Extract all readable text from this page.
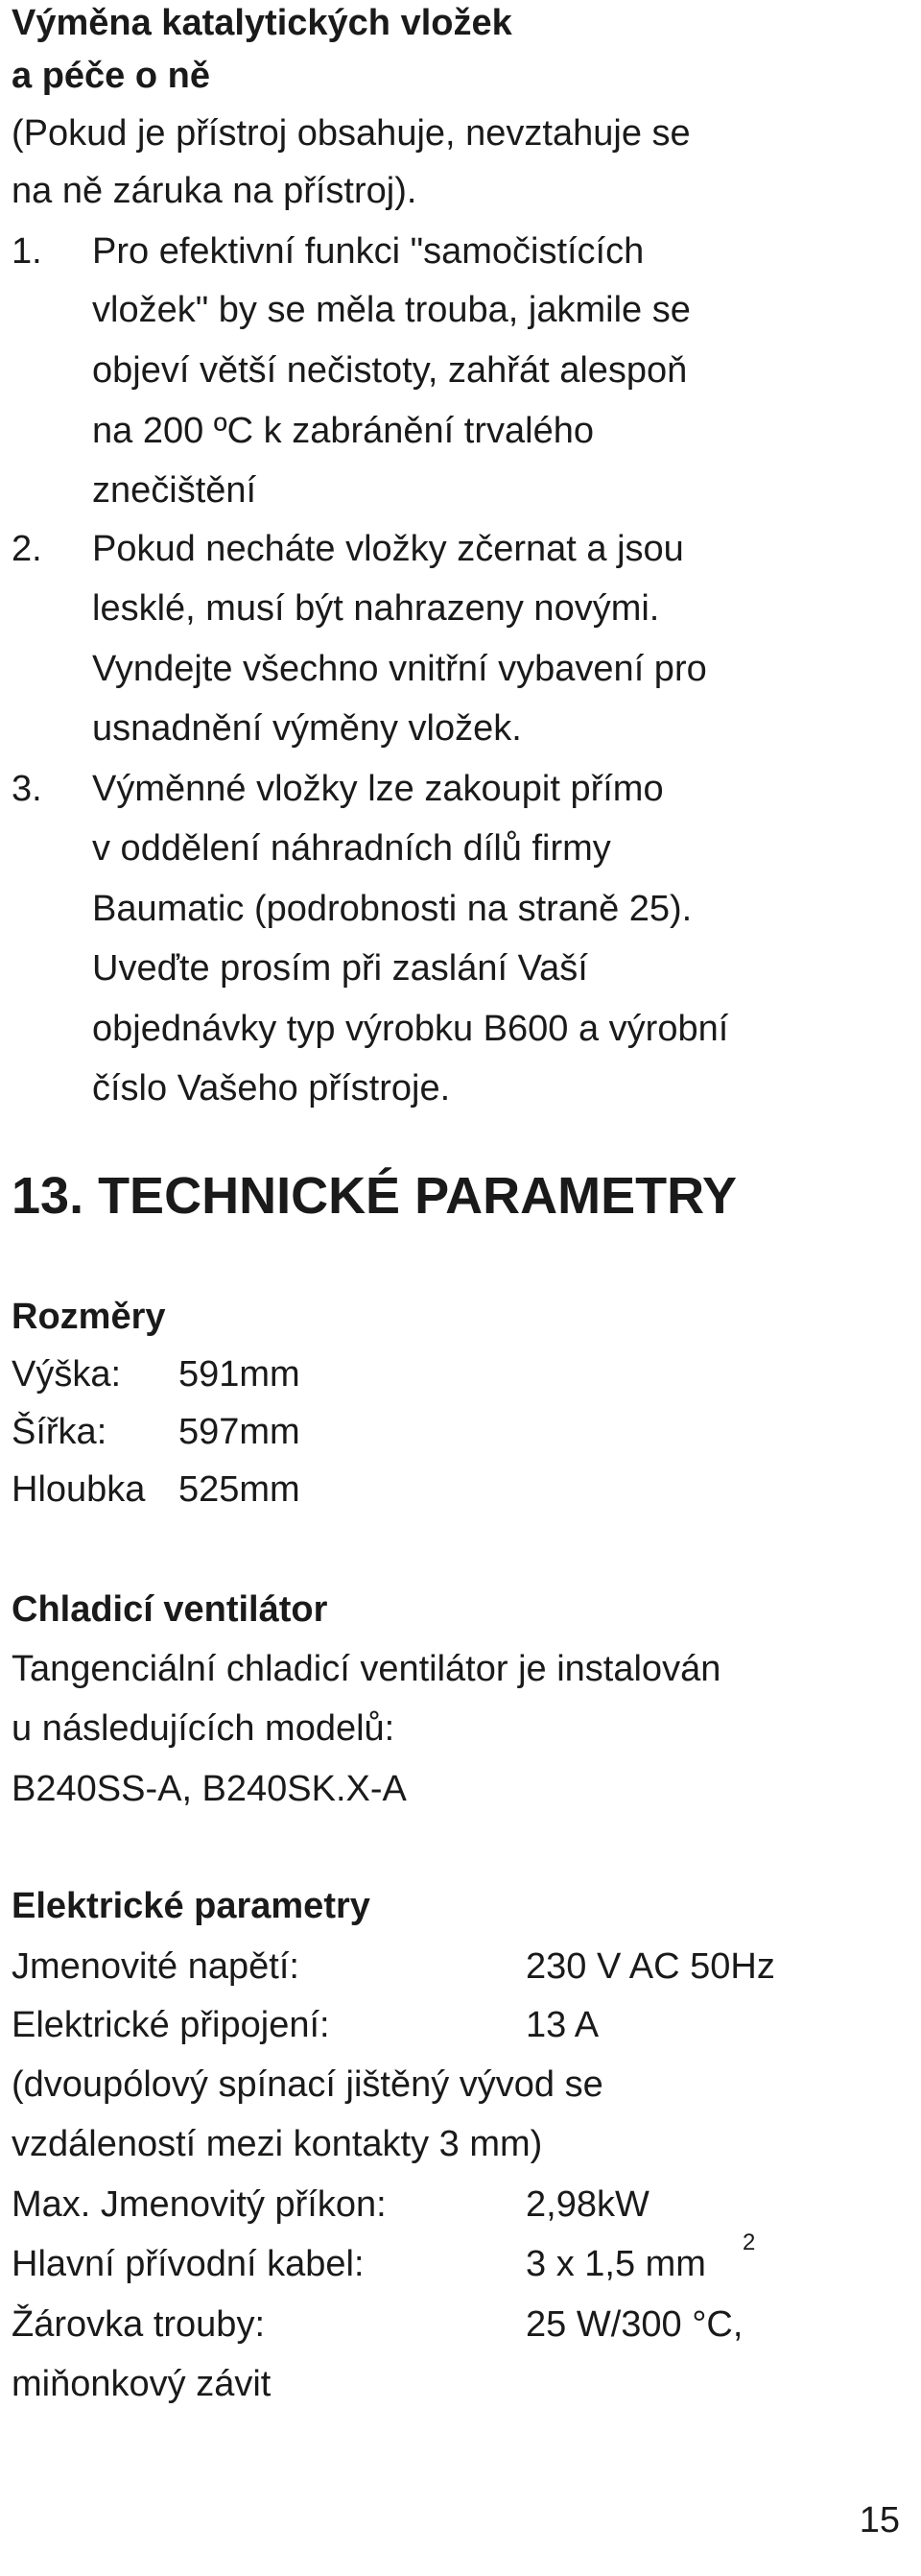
Výměna katalytických vložek
a péče o ně
(Pokud je přístroj obsahuje, nevztahuje se
na ně záruka na přístroj).
1. Pro efektivní funkci "samočistících
vložek" by se měla trouba, jakmile se
objeví větší nečistoty, zahřát alespoň
na 200 ºC k zabránění trvalého
znečištění
2. Pokud necháte vložky zčernat a jsou
lesklé, musí být nahrazeny novými.
Vyndejte všechno vnitřní vybavení pro
usnadnění výměny vložek.
3. Výměnné vložky lze zakoupit přímo
v oddělení náhradních dílů firmy
Baumatic (podrobnosti na straně 25).
Uveďte prosím při zaslání Vaší
objednávky typ výrobku B600 a výrobní
číslo Vašeho přístroje.
13. TECHNICKÉ PARAMETRY
Rozměry
Výška: 591mm
Šířka: 597mm
Hloubka 525mm
Chladicí ventilátor
Tangenciální chladicí ventilátor je instalován
u následujících modelů:
B240SS-A, B240SK.X-A
Elektrické parametry
Jmenovité napětí:	230 V AC 50Hz
Elektrické připojení:	13 A
(dvoupólový spínací jištěný vývod se
vzdáleností mezi kontakty 3 mm)
Max. Jmenovitý příkon:	2,98kW
Hlavní přívodní kabel:	3 x 1,5 mm
2
Žárovka trouby:	25 W/300 °C,
miňonkový závit
15
